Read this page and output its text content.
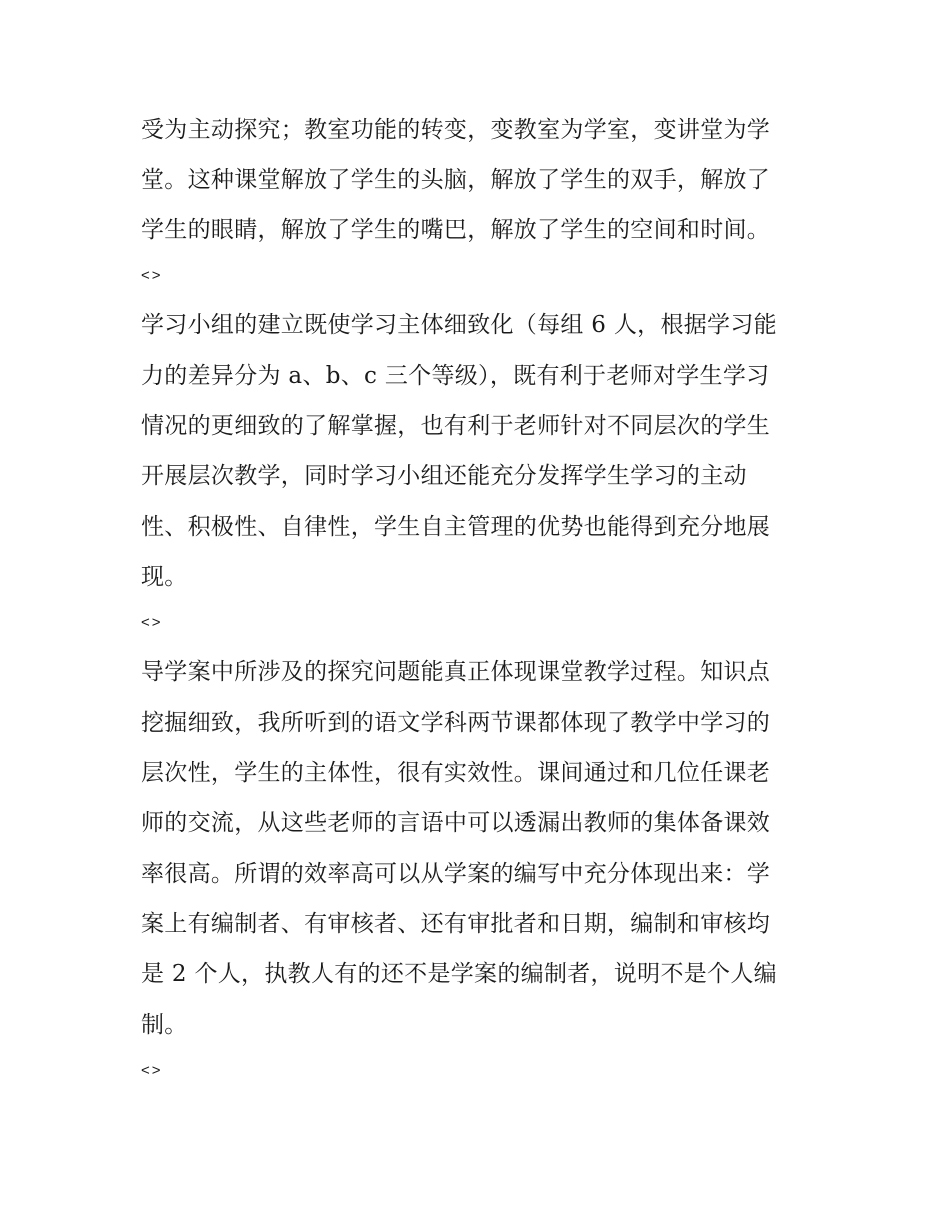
受为主动探究；教室功能的转变，变教室为学室，变讲堂为学
堂。这种课堂解放了学生的头脑，解放了学生的双手，解放了
学生的眼睛，解放了学生的嘴巴，解放了学生的空间和时间。
<>
学习小组的建立既使学习主体细致化（每组 6 人，根据学习能
力的差异分为 a、b、c 三个等级），既有利于老师对学生学习
情况的更细致的了解掌握，也有利于老师针对不同层次的学生
开展层次教学，同时学习小组还能充分发挥学生学习的主动
性、积极性、自律性，学生自主管理的优势也能得到充分地展
现。
<>
导学案中所涉及的探究问题能真正体现课堂教学过程。知识点
挖掘细致，我所听到的语文学科两节课都体现了教学中学习的
层次性，学生的主体性，很有实效性。课间通过和几位任课老
师的交流，从这些老师的言语中可以透漏出教师的集体备课效
率很高。所谓的效率高可以从学案的编写中充分体现出来：学
案上有编制者、有审核者、还有审批者和日期，编制和审核均
是 2 个人，执教人有的还不是学案的编制者，说明不是个人编
制。
<>
